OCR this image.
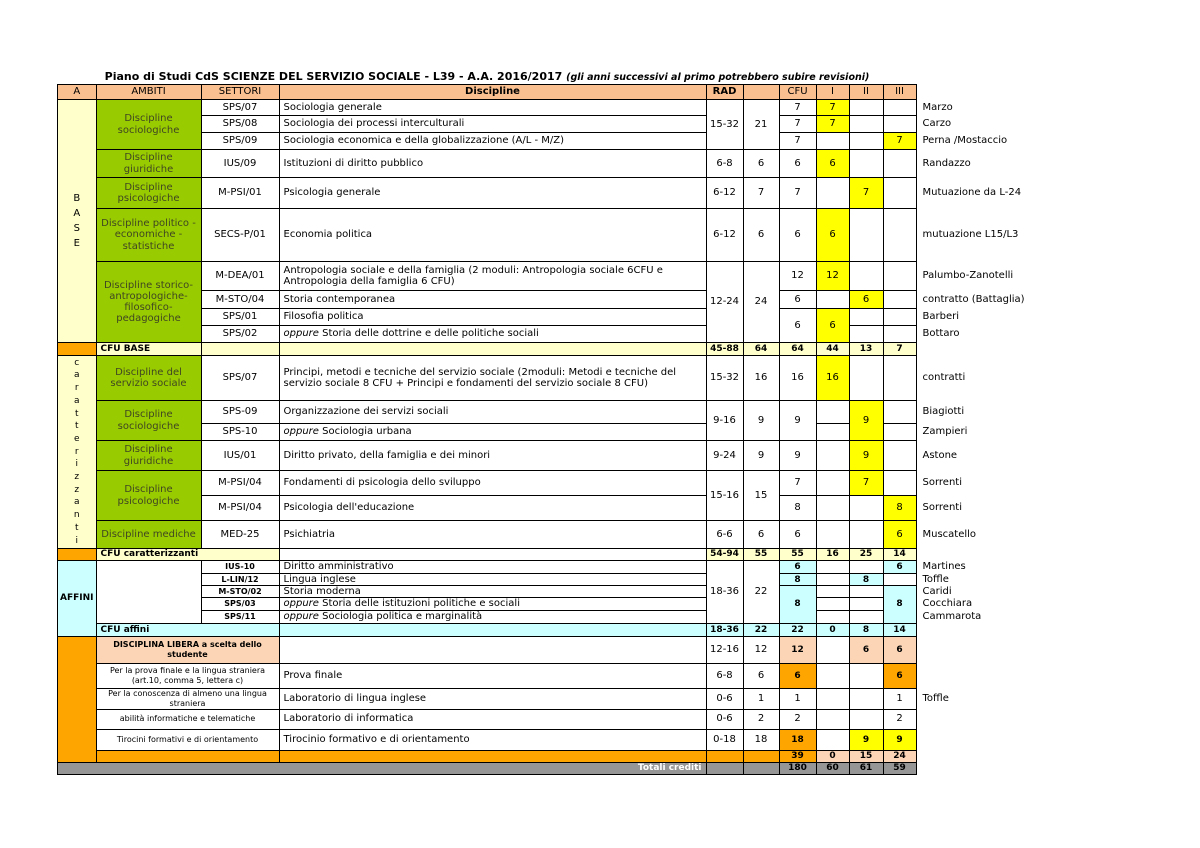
Piano di Studi CdS SCIENZE DEL SERVIZIO SOCIALE - L39 - A.A. 2016/2017 (gli anni successivi al primo potrebbero subire revisioni)
A	AMBITI	SETTORI	Discipline	RAD		CFU	I	II	III	
B
A
S
E	Discipline sociologiche	SPS/07	Sociologia generale	15-32	21	7	7			Marzo
		SPS/08	Sociologia dei processi interculturali			7	7			Carzo
		SPS/09	Sociologia economica e della globalizzazione (A/L - M/Z)			7			7	Perna /Mostaccio
	Discipline giuridiche	IUS/09	Istituzioni di diritto pubblico	6-8	6	6	6			Randazzo
	Discipline psicologiche	M-PSI/01	Psicologia generale	6-12	7	7		7		Mutuazione da L-24
	Discipline politico - economiche - statistiche	SECS-P/01	Economia politica	6-12	6	6	6			mutuazione L15/L3
	Discipline storico-antropologiche-filosofico-pedagogiche	M-DEA/01	Antropologia sociale e della famiglia (2 moduli: Antropologia sociale 6CFU e Antropologia della famiglia 6 CFU)	12-24	24	12	12			Palumbo-Zanotelli
		M-STO/04	Storia contemporanea			6		6		contratto (Battaglia)
		SPS/01	Filosofia politica			6	6			Barberi
		SPS/02	oppure Storia delle dottrine e delle politiche sociali							Bottaro
	CFU BASE			45-88	64	64	44	13	7	
c
a
r
a
t
t
e
r
i
z
z
a
n
t
i	Discipline del servizio sociale	SPS/07	Principi, metodi e tecniche del servizio sociale (2moduli: Metodi e tecniche del servizio sociale 8 CFU + Principi e fondamenti del servizio sociale 8 CFU)	15-32	16	16	16			contratti
	Discipline sociologiche	SPS-09	Organizzazione dei servizi sociali	9-16	9	9		9		Biagiotti
		SPS-10	oppure Sociologia urbana							Zampieri
	Discipline giuridiche	IUS/01	Diritto privato, della famiglia e dei minori	9-24	9	9		9		Astone
	Discipline psicologiche	M-PSI/04	Fondamenti di psicologia dello sviluppo	15-16	15	7		7		Sorrenti
		M-PSI/04	Psicologia dell'educazione			8			8	Sorrenti
	Discipline mediche	MED-25	Psichiatria	6-6	6	6			6	Muscatello
	CFU caratterizzanti			54-94	55	55	16	25	14	
AFFINI		IUS-10	Diritto amministrativo	18-36	22	6			6	Martines
		L-LIN/12	Lingua inglese			8		8		Toffle
		M-STO/02	Storia moderna			8			8	Caridi
		SPS/03	oppure Storia delle istituzioni politiche e sociali							Cocchiara
		SPS/11	oppure Sociologia politica e marginalità							Cammarota
	CFU affini			18-36	22	22	0	8	14	
	DISCIPLINA LIBERA a scelta dello studente			12-16	12	12		6	6	
	Per la prova finale e la lingua straniera (art.10, comma 5, lettera c)		Prova finale	6-8	6	6			6	
	Per la conoscenza di almeno una lingua straniera		Laboratorio di lingua inglese	0-6	1	1			1	Toffle
	abilità informatiche e telematiche		Laboratorio di informatica	0-6	2	2			2	
	Tirocini formativi e di orientamento		Tirocinio formativo e di orientamento	0-18	18	18		9	9	
						39	0	15	24	
Totali crediti						180	60	61	59	
